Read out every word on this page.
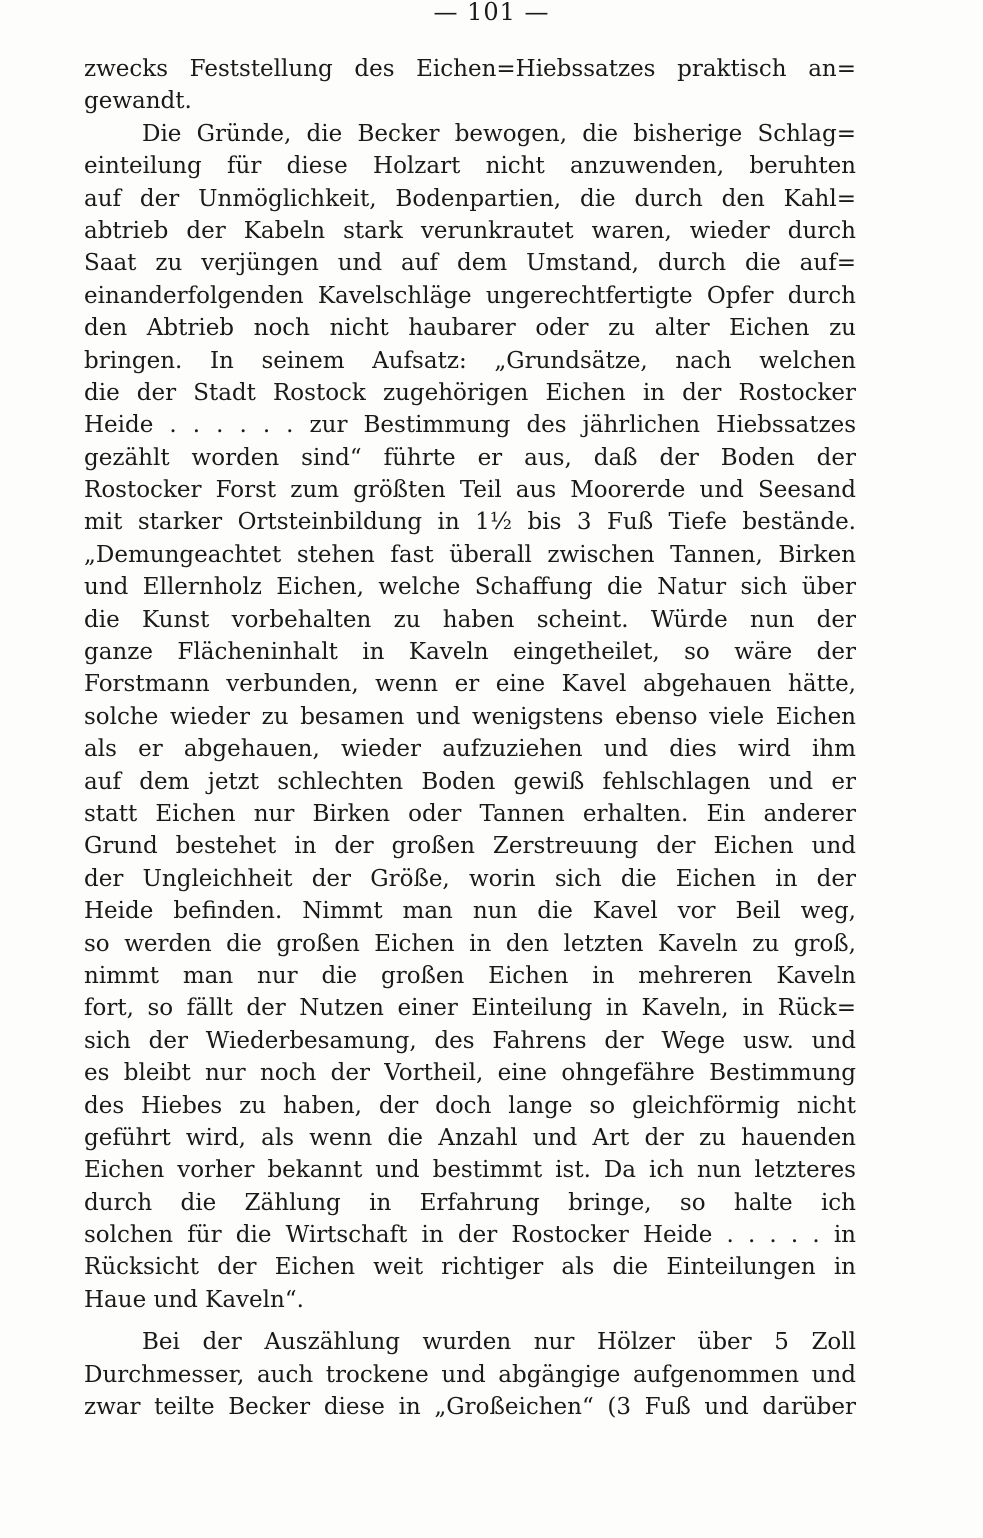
— 101 —
zwecks Feststellung des Eichen=Hiebssatzes praktisch an=
gewandt.
Die Gründe, die Becker bewogen, die bisherige Schlag=
einteilung für diese Holzart nicht anzuwenden, beruhten
auf der Unmöglichkeit, Bodenpartien, die durch den Kahl=
abtrieb der Kabeln stark verunkrautet waren, wieder durch
Saat zu verjüngen und auf dem Umstand, durch die auf=
einanderfolgenden Kavelschläge ungerechtfertigte Opfer durch
den Abtrieb noch nicht haubarer oder zu alter Eichen zu
bringen. In seinem Aufsatz: „Grundsätze, nach welchen
die der Stadt Rostock zugehörigen Eichen in der Rostocker
Heide . . . . . . zur Bestimmung des jährlichen Hiebssatzes
gezählt worden sind“ führte er aus, daß der Boden der
Rostocker Forst zum größten Teil aus Moorerde und Seesand
mit starker Ortsteinbildung in 1½ bis 3 Fuß Tiefe bestände.
„Demungeachtet stehen fast überall zwischen Tannen, Birken
und Ellernholz Eichen, welche Schaffung die Natur sich über
die Kunst vorbehalten zu haben scheint. Würde nun der
ganze Flächeninhalt in Kaveln eingetheilet, so wäre der
Forstmann verbunden, wenn er eine Kavel abgehauen hätte,
solche wieder zu besamen und wenigstens ebenso viele Eichen
als er abgehauen, wieder aufzuziehen und dies wird ihm
auf dem jetzt schlechten Boden gewiß fehlschlagen und er
statt Eichen nur Birken oder Tannen erhalten. Ein anderer
Grund bestehet in der großen Zerstreuung der Eichen und
der Ungleichheit der Größe, worin sich die Eichen in der
Heide befinden. Nimmt man nun die Kavel vor Beil weg,
so werden die großen Eichen in den letzten Kaveln zu groß,
nimmt man nur die großen Eichen in mehreren Kaveln
fort, so fällt der Nutzen einer Einteilung in Kaveln, in Rück=
sich der Wiederbesamung, des Fahrens der Wege usw. und
es bleibt nur noch der Vortheil, eine ohngefähre Bestimmung
des Hiebes zu haben, der doch lange so gleichförmig nicht
geführt wird, als wenn die Anzahl und Art der zu hauenden
Eichen vorher bekannt und bestimmt ist. Da ich nun letzteres
durch die Zählung in Erfahrung bringe, so halte ich
solchen für die Wirtschaft in der Rostocker Heide . . . . . in
Rücksicht der Eichen weit richtiger als die Einteilungen in
Haue und Kaveln“.
Bei der Auszählung wurden nur Hölzer über 5 Zoll
Durchmesser, auch trockene und abgängige aufgenommen und
zwar teilte Becker diese in „Großeichen“ (3 Fuß und darüber
